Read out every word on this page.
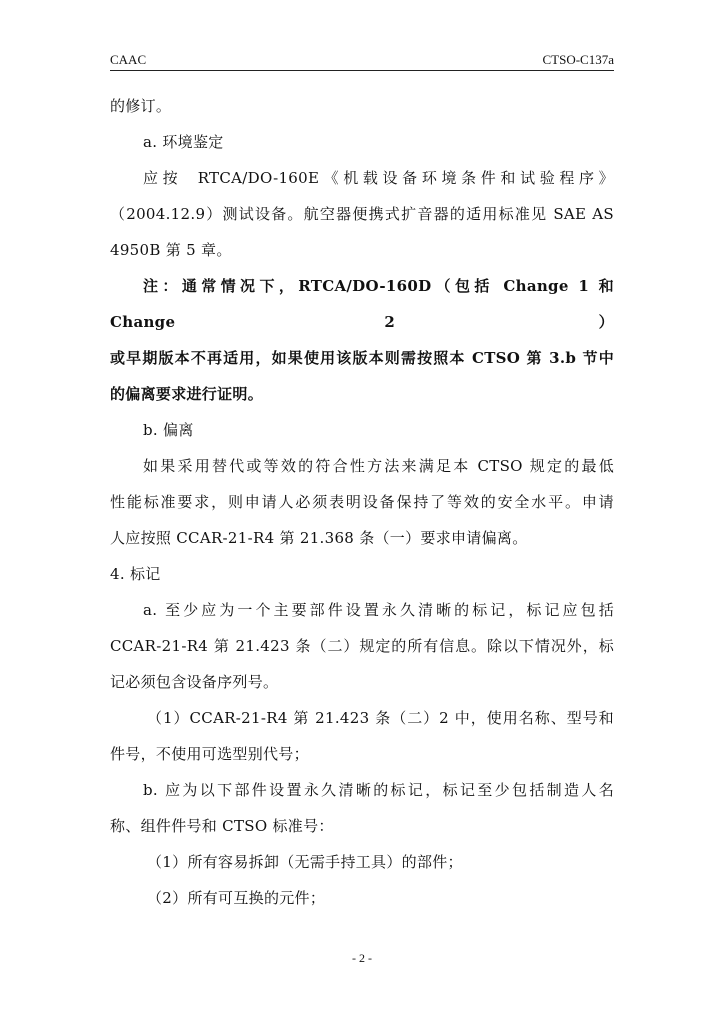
CAAC	CTSO-C137a

的修订。

a. 环境鉴定

应按 RTCA/DO-160E《机载设备环境条件和试验程序》

（2004.12.9）测试设备。航空器便携式扩音器的适用标准见 SAE AS

4950B 第 5 章。

注：通常情况下，RTCA/DO-160D（包括 Change 1 和 Change 2）

或早期版本不再适用，如果使用该版本则需按照本 CTSO 第 3.b 节中

的偏离要求进行证明。

b. 偏离

如果采用替代或等效的符合性方法来满足本 CTSO 规定的最低

性能标准要求，则申请人必须表明设备保持了等效的安全水平。申请

人应按照 CCAR-21-R4 第 21.368 条（一）要求申请偏离。

4. 标记

a. 至少应为一个主要部件设置永久清晰的标记，标记应包括

CCAR-21-R4 第 21.423 条（二）规定的所有信息。除以下情况外，标

记必须包含设备序列号。

（1）CCAR-21-R4 第 21.423 条（二）2 中，使用名称、型号和

件号，不使用可选型别代号；

b. 应为以下部件设置永久清晰的标记，标记至少包括制造人名

称、组件件号和 CTSO 标准号：

（1）所有容易拆卸（无需手持工具）的部件；

（2）所有可互换的元件；

- 2 -
